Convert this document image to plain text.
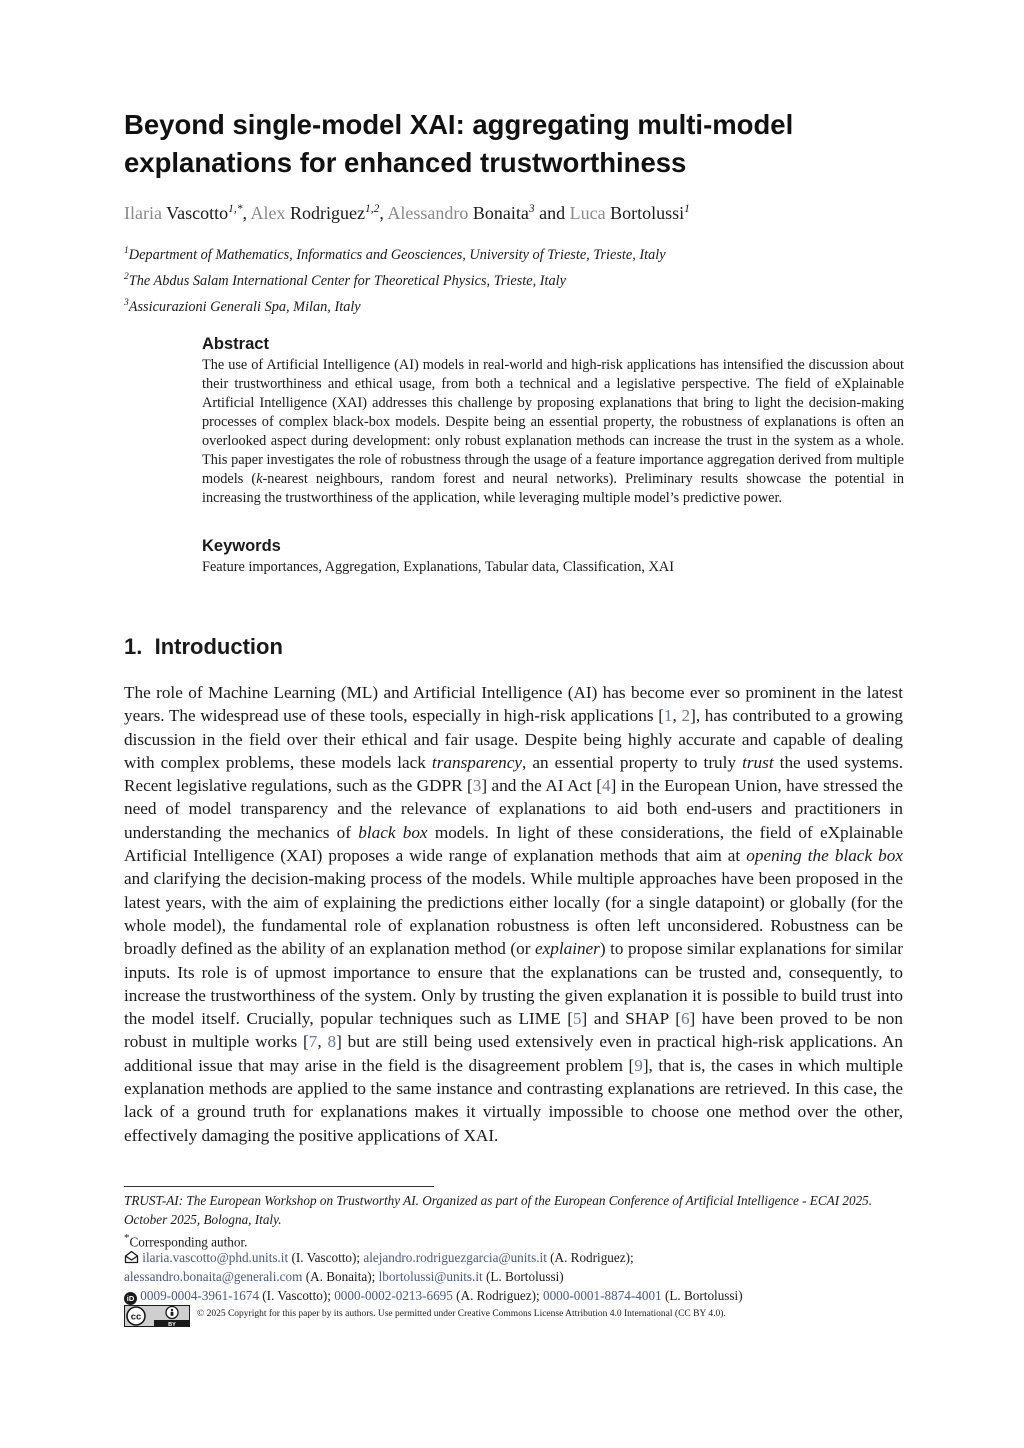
Beyond single-model XAI: aggregating multi-model explanations for enhanced trustworthiness
Ilaria Vascotto$^{1,*}$, Alex Rodriguez$^{1,2}$, Alessandro Bonaita$^3$ and Luca Bortolussi$^1$
$^1$Department of Mathematics, Informatics and Geosciences, University of Trieste, Trieste, Italy
$^2$The Abdus Salam International Center for Theoretical Physics, Trieste, Italy
$^3$Assicurazioni Generali Spa, Milan, Italy
Abstract
The use of Artificial Intelligence (AI) models in real-world and high-risk applications has intensified the discussion about their trustworthiness and ethical usage, from both a technical and a legislative perspective. The field of eXplainable Artificial Intelligence (XAI) addresses this challenge by proposing explanations that bring to light the decision-making processes of complex black-box models. Despite being an essential property, the robustness of explanations is often an overlooked aspect during development: only robust explanation methods can increase the trust in the system as a whole. This paper investigates the role of robustness through the usage of a feature importance aggregation derived from multiple models (k-nearest neighbours, random forest and neural networks). Preliminary results showcase the potential in increasing the trustworthiness of the application, while leveraging multiple model’s predictive power.
Keywords
Feature importances, Aggregation, Explanations, Tabular data, Classification, XAI
1. Introduction
The role of Machine Learning (ML) and Artificial Intelligence (AI) has become ever so prominent in the latest years. The widespread use of these tools, especially in high-risk applications [1, 2], has contributed to a growing discussion in the field over their ethical and fair usage. Despite being highly accurate and capable of dealing with complex problems, these models lack transparency, an essential property to truly trust the used systems. Recent legislative regulations, such as the GDPR [3] and the AI Act [4] in the European Union, have stressed the need of model transparency and the relevance of explanations to aid both end-users and practitioners in understanding the mechanics of black box models. In light of these considerations, the field of eXplainable Artificial Intelligence (XAI) proposes a wide range of explanation methods that aim at opening the black box and clarifying the decision-making process of the models. While multiple approaches have been proposed in the latest years, with the aim of explaining the predictions either locally (for a single datapoint) or globally (for the whole model), the fundamental role of explanation robustness is often left unconsidered. Robustness can be broadly defined as the ability of an explanation method (or explainer) to propose similar explanations for similar inputs. Its role is of upmost importance to ensure that the explanations can be trusted and, consequently, to increase the trustworthiness of the system. Only by trusting the given explanation it is possible to build trust into the model itself. Crucially, popular techniques such as LIME [5] and SHAP [6] have been proved to be non robust in multiple works [7, 8] but are still being used extensively even in practical high-risk applications. An additional issue that may arise in the field is the disagreement problem [9], that is, the cases in which multiple explanation methods are applied to the same instance and contrasting explanations are retrieved. In this case, the lack of a ground truth for explanations makes it virtually impossible to choose one method over the other, effectively damaging the positive applications of XAI.
TRUST-AI: The European Workshop on Trustworthy AI. Organized as part of the European Conference of Artificial Intelligence - ECAI 2025. October 2025, Bologna, Italy.
*Corresponding author.
ilaria.vascotto@phd.units.it (I. Vascotto); alejandro.rodriguezgarcia@units.it (A. Rodriguez);
alessandro.bonaita@generali.com (A. Bonaita); lbortolussi@units.it (L. Bortolussi)
iD 0009-0004-3961-1674 (I. Vascotto); 0000-0002-0213-6695 (A. Rodriguez); 0000-0001-8874-4001 (L. Bortolussi)
cc
BY
© 2025 Copyright for this paper by its authors. Use permitted under Creative Commons License Attribution 4.0 International (CC BY 4.0).
